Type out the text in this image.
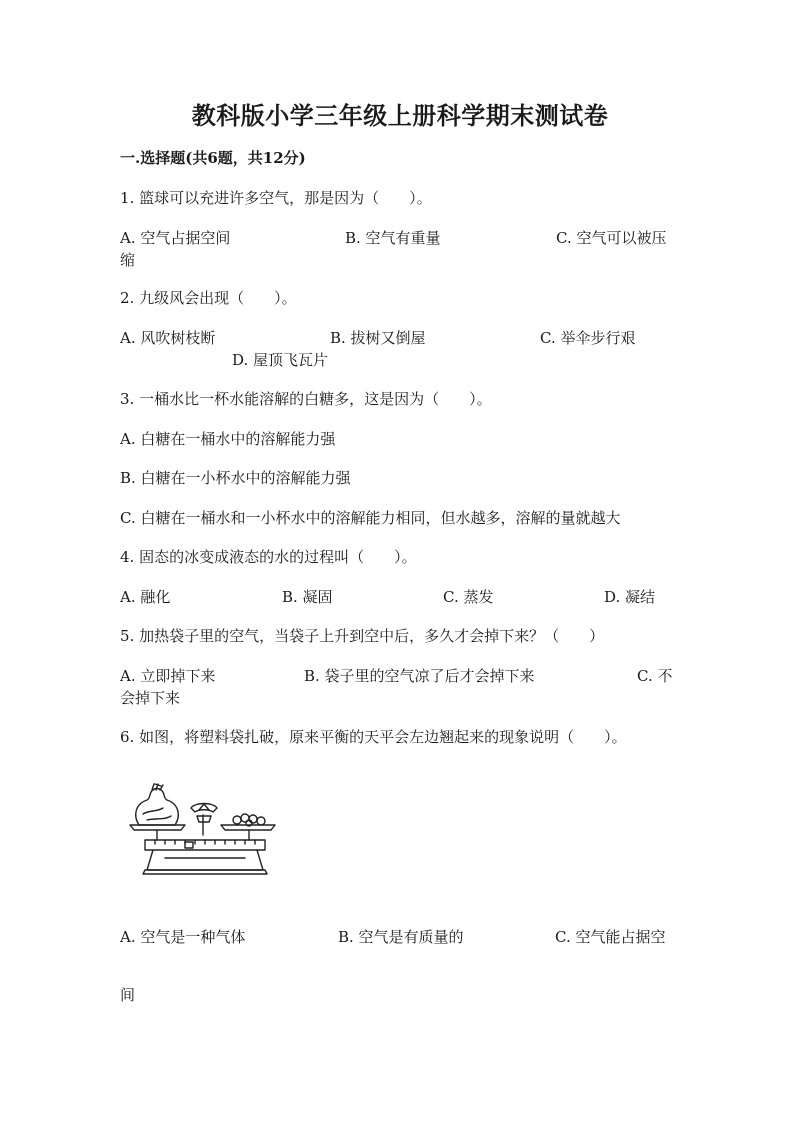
教科版小学三年级上册科学期末测试卷
一.选择题(共6题，共12分)
1. 篮球可以充进许多空气，那是因为（　　）。
A. 空气占据空间	B. 空气有重量	C. 空气可以被压
缩
2. 九级风会出现（　　）。
A. 风吹树枝断	B. 拔树又倒屋	C. 举伞步行艰
D. 屋顶飞瓦片
3. 一桶水比一杯水能溶解的白糖多，这是因为（　　）。
A. 白糖在一桶水中的溶解能力强
B. 白糖在一小杯水中的溶解能力强
C. 白糖在一桶水和一小杯水中的溶解能力相同，但水越多，溶解的量就越大
4. 固态的冰变成液态的水的过程叫（　　）。
A. 融化	B. 凝固	C. 蒸发	D. 凝结
5. 加热袋子里的空气，当袋子上升到空中后，多久才会掉下来？（　　）
A. 立即掉下来	B. 袋子里的空气凉了后才会掉下来	C. 不
会掉下来
6. 如图，将塑料袋扎破，原来平衡的天平会左边翘起来的现象说明（　　）。
A. 空气是一种气体	B. 空气是有质量的	C. 空气能占据空
间
